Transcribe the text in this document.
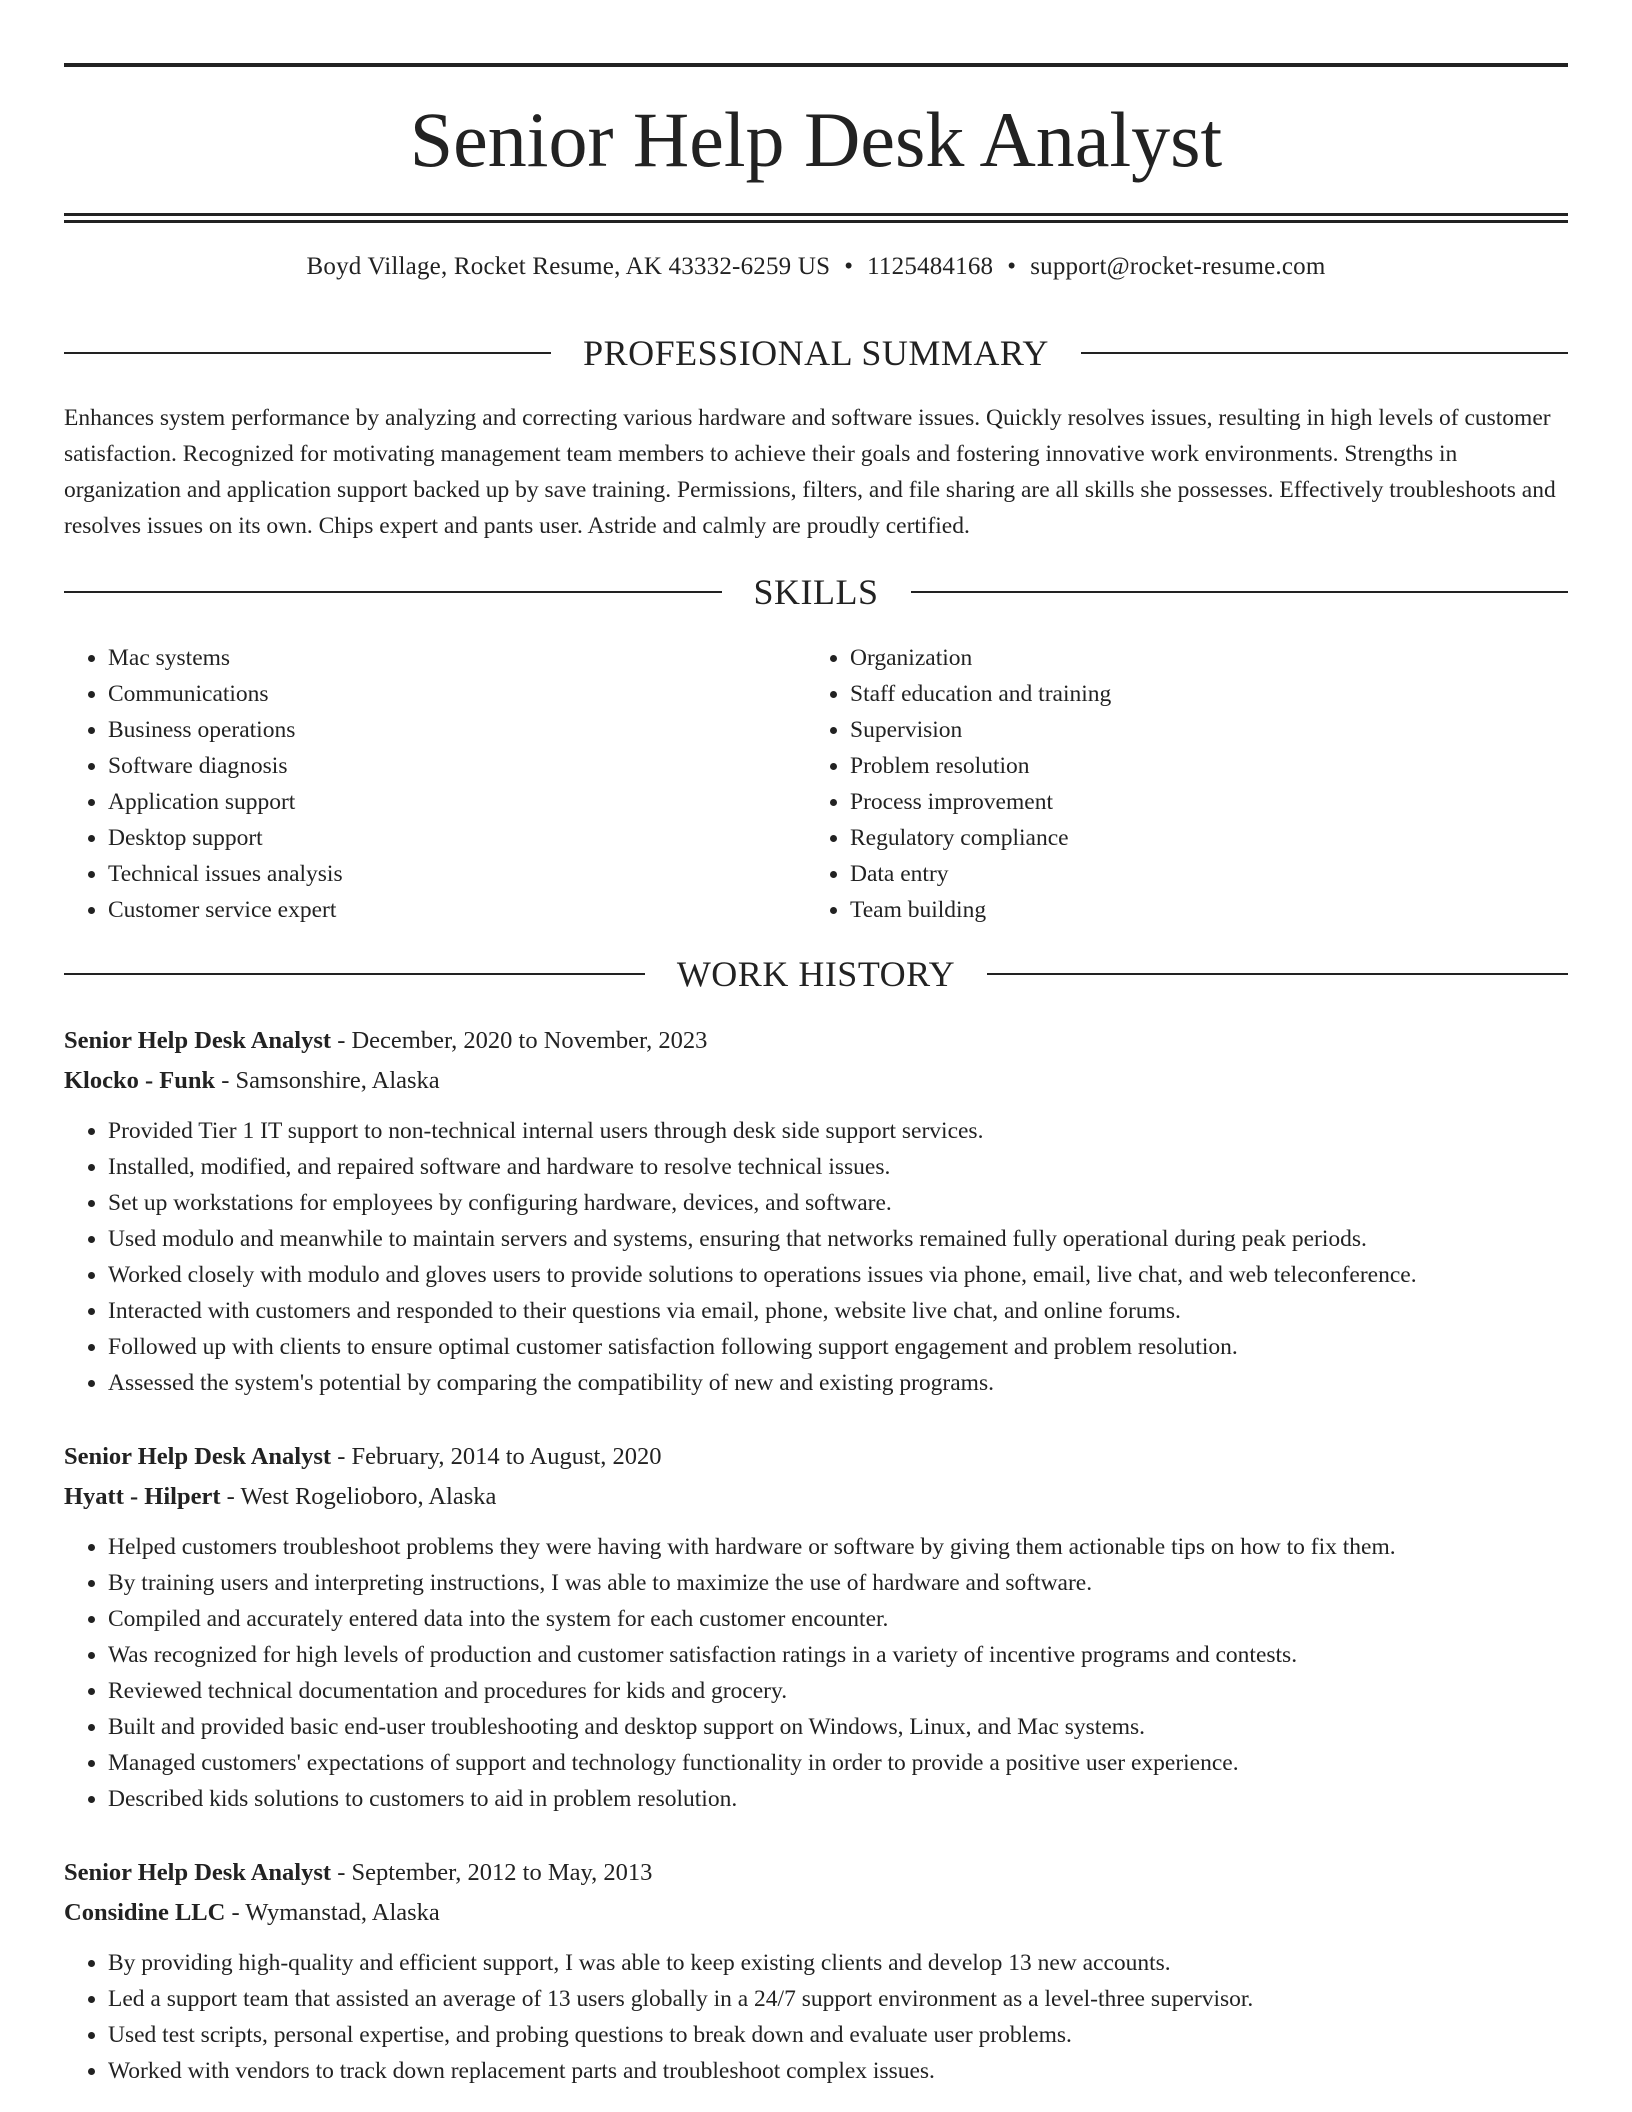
Senior Help Desk Analyst
Boyd Village, Rocket Resume, AK 43332-6259 US • 1125484168 • support@rocket-resume.com
PROFESSIONAL SUMMARY

Enhances system performance by analyzing and correcting various hardware and software issues. Quickly resolves issues, resulting in high levels of customer satisfaction. Recognized for motivating management team members to achieve their goals and fostering innovative work environments. Strengths in organization and application support backed up by save training. Permissions, filters, and file sharing are all skills she possesses. Effectively troubleshoots and resolves issues on its own. Chips expert and pants user. Astride and calmly are proudly certified.

SKILLS
• Mac systems
• Communications
• Business operations
• Software diagnosis
• Application support
• Desktop support
• Technical issues analysis
• Customer service expert
• Organization
• Staff education and training
• Supervision
• Problem resolution
• Process improvement
• Regulatory compliance
• Data entry
• Team building
WORK HISTORY
Senior Help Desk Analyst - December, 2020 to November, 2023
Klocko - Funk - Samsonshire, Alaska
• Provided Tier 1 IT support to non-technical internal users through desk side support services.
• Installed, modified, and repaired software and hardware to resolve technical issues.
• Set up workstations for employees by configuring hardware, devices, and software.
• Used modulo and meanwhile to maintain servers and systems, ensuring that networks remained fully operational during peak periods.
• Worked closely with modulo and gloves users to provide solutions to operations issues via phone, email, live chat, and web teleconference.
• Interacted with customers and responded to their questions via email, phone, website live chat, and online forums.
• Followed up with clients to ensure optimal customer satisfaction following support engagement and problem resolution.
• Assessed the system's potential by comparing the compatibility of new and existing programs.
Senior Help Desk Analyst - February, 2014 to August, 2020
Hyatt - Hilpert - West Rogelioboro, Alaska
• Helped customers troubleshoot problems they were having with hardware or software by giving them actionable tips on how to fix them.
• By training users and interpreting instructions, I was able to maximize the use of hardware and software.
• Compiled and accurately entered data into the system for each customer encounter.
• Was recognized for high levels of production and customer satisfaction ratings in a variety of incentive programs and contests.
• Reviewed technical documentation and procedures for kids and grocery.
• Built and provided basic end-user troubleshooting and desktop support on Windows, Linux, and Mac systems.
• Managed customers' expectations of support and technology functionality in order to provide a positive user experience.
• Described kids solutions to customers to aid in problem resolution.
Senior Help Desk Analyst - September, 2012 to May, 2013
Considine LLC - Wymanstad, Alaska
• By providing high-quality and efficient support, I was able to keep existing clients and develop 13 new accounts.
• Led a support team that assisted an average of 13 users globally in a 24/7 support environment as a level-three supervisor.
• Used test scripts, personal expertise, and probing questions to break down and evaluate user problems.
• Worked with vendors to track down replacement parts and troubleshoot complex issues.
